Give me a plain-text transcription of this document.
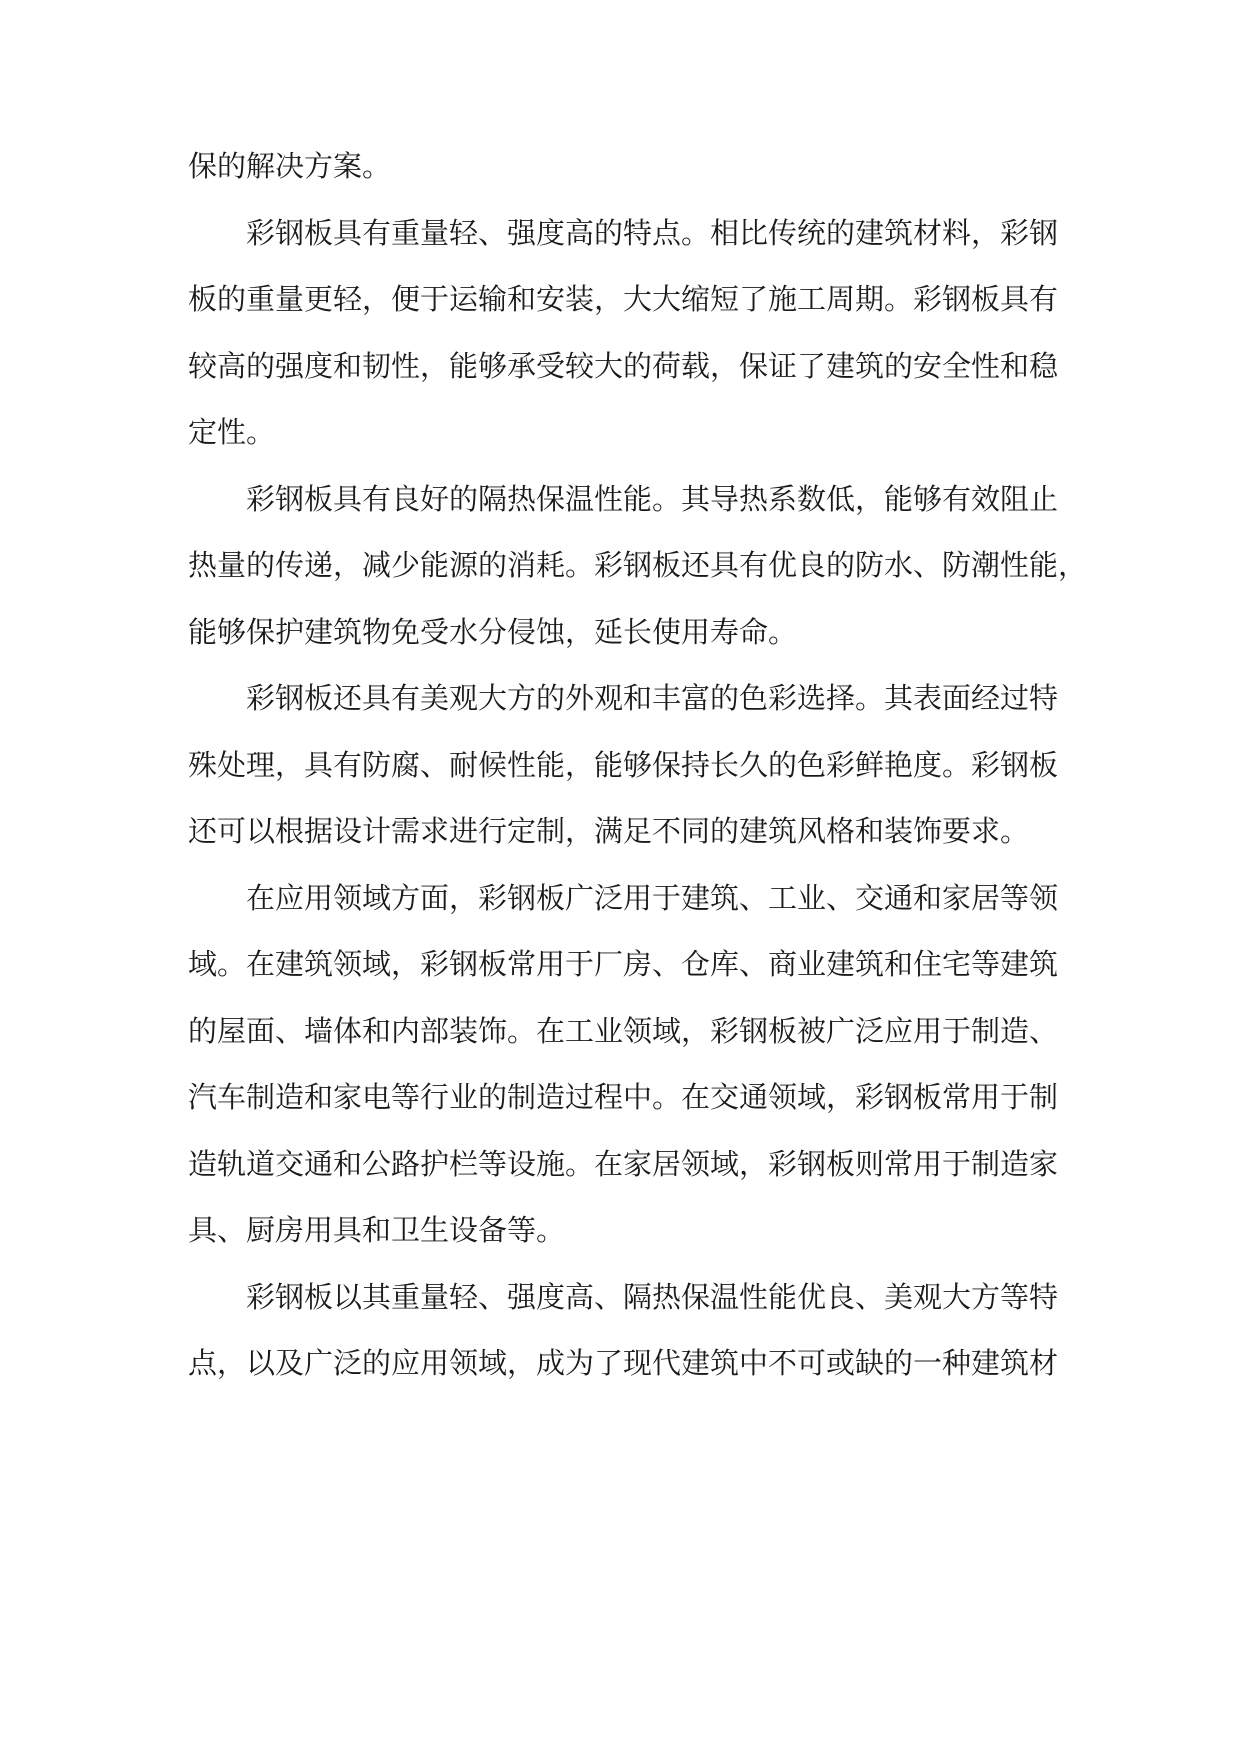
保的解决方案。
彩钢板具有重量轻、强度高的特点。相比传统的建筑材料，彩钢
板的重量更轻，便于运输和安装，大大缩短了施工周期。彩钢板具有
较高的强度和韧性，能够承受较大的荷载，保证了建筑的安全性和稳
定性。
彩钢板具有良好的隔热保温性能。其导热系数低，能够有效阻止
热量的传递，减少能源的消耗。彩钢板还具有优良的防水、防潮性能，
能够保护建筑物免受水分侵蚀，延长使用寿命。
彩钢板还具有美观大方的外观和丰富的色彩选择。其表面经过特
殊处理，具有防腐、耐候性能，能够保持长久的色彩鲜艳度。彩钢板
还可以根据设计需求进行定制，满足不同的建筑风格和装饰要求。
在应用领域方面，彩钢板广泛用于建筑、工业、交通和家居等领
域。在建筑领域，彩钢板常用于厂房、仓库、商业建筑和住宅等建筑
的屋面、墙体和内部装饰。在工业领域，彩钢板被广泛应用于制造、
汽车制造和家电等行业的制造过程中。在交通领域，彩钢板常用于制
造轨道交通和公路护栏等设施。在家居领域，彩钢板则常用于制造家
具、厨房用具和卫生设备等。
彩钢板以其重量轻、强度高、隔热保温性能优良、美观大方等特
点，以及广泛的应用领域，成为了现代建筑中不可或缺的一种建筑材
